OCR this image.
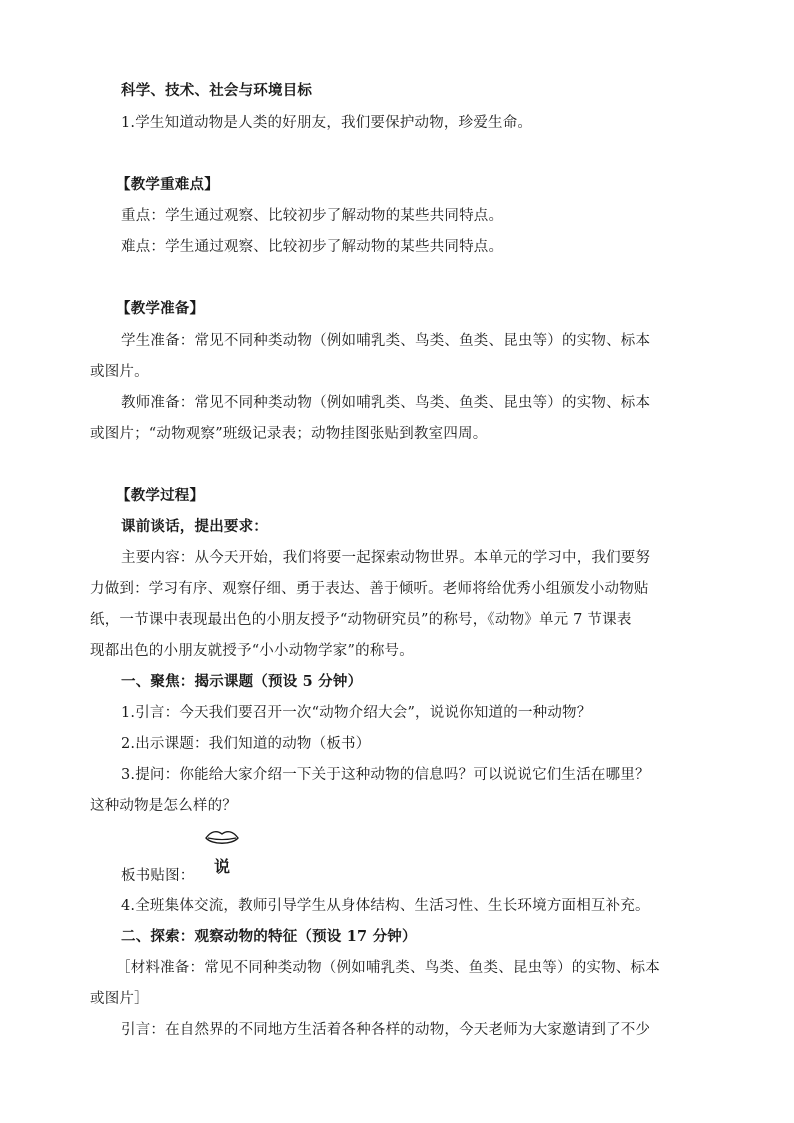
科学、技术、社会与环境目标
1.学生知道动物是人类的好朋友，我们要保护动物，珍爱生命。
【教学重难点】
重点：学生通过观察、比较初步了解动物的某些共同特点。
难点：学生通过观察、比较初步了解动物的某些共同特点。
【教学准备】
学生准备：常见不同种类动物（例如哺乳类、鸟类、鱼类、昆虫等）的实物、标本
或图片。
教师准备：常见不同种类动物（例如哺乳类、鸟类、鱼类、昆虫等）的实物、标本
或图片；“动物观察”班级记录表；动物挂图张贴到教室四周。
【教学过程】
课前谈话，提出要求：
主要内容：从今天开始，我们将要一起探索动物世界。本单元的学习中，我们要努
力做到：学习有序、观察仔细、勇于表达、善于倾听。老师将给优秀小组颁发小动物贴
纸，一节课中表现最出色的小朋友授予“动物研究员”的称号，《动物》单元 7 节课表
现都出色的小朋友就授予“小小动物学家”的称号。
一、聚焦：揭示课题（预设 5 分钟）
1.引言：今天我们要召开一次“动物介绍大会”，说说你知道的一种动物？
2.出示课题：我们知道的动物（板书）
3.提问：你能给大家介绍一下关于这种动物的信息吗？可以说说它们生活在哪里？
这种动物是怎么样的？
板书贴图： 说
4.全班集体交流，教师引导学生从身体结构、生活习性、生长环境方面相互补充。
二、探索：观察动物的特征（预设 17 分钟）
［材料准备：常见不同种类动物（例如哺乳类、鸟类、鱼类、昆虫等）的实物、标本
或图片］
引言：在自然界的不同地方生活着各种各样的动物，今天老师为大家邀请到了不少
